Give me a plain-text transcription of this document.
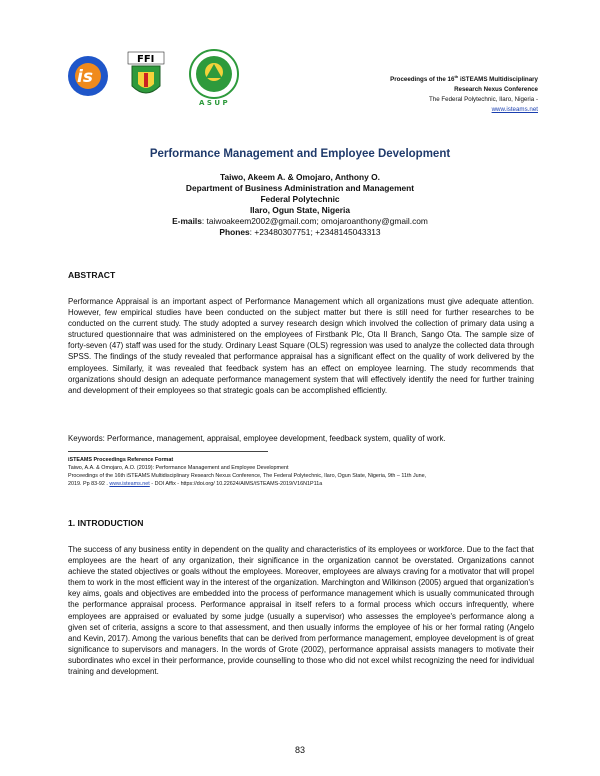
is
FFI
A S U P
Proceedings of the 16th iSTEAMS Multidisciplinary
Research Nexus Conference
The Federal Polytechnic, Ilaro, Nigeria -
www.isteams.net
Performance Management and Employee Development
Taiwo, Akeem A. & Omojaro, Anthony O.
Department of Business Administration and Management
Federal Polytechnic
Ilaro, Ogun State, Nigeria
E-mails: taiwoakeem2002@gmail.com; omojaroanthony@gmail.com
Phones: +23480307751; +2348145043313
ABSTRACT
Performance Appraisal is an important aspect of Performance Management which all organizations must give adequate attention. However, few empirical studies have been conducted on the subject matter but there is still need for further researches to be conducted on the current study. The study adopted a survey research design which involved the collection of primary data using a structured questionnaire that was administered on the employees of Firstbank Plc, Ota II Branch, Sango Ota. The sample size of forty-seven (47) staff was used for the study. Ordinary Least Square (OLS) regression was used to analyze the collected data through SPSS. The findings of the study revealed that performance appraisal has a significant effect on the quality of work delivered by the employees. Similarly, it was revealed that feedback system has an effect on employee learning. The study recommends that organizations should design an adequate performance management system that will effectively identify the need for further training and development of their employees so that strategic goals can be accomplished efficiently.
Keywords: Performance, management, appraisal, employee development, feedback system, quality of work.
iSTEAMS Proceedings Reference Format
Taiwo, A.A. & Omojaro, A.O. (2019): Performance Management and Employee Development
Proceedings of the 16th iSTEAMS Multidisciplinary Research Nexus Conference, The Federal Polytechnic, Ilaro, Ogun State, Nigeria, 9th – 11th June,
2019. Pp 83-92 . www.isteams.net - DOI Affix - https://doi.org/ 10.22624/AIMS/iSTEAMS-2019/V16N1P11a
1. INTRODUCTION
The success of any business entity in dependent on the quality and characteristics of its employees or workforce. Due to the fact that employees are the heart of any organization, their significance in the organization cannot be overstated. Organizations cannot achieve the stated objectives or goals without the employees. Moreover, employees are always craving for a motivator that will propel them to work in the most efficient way in the interest of the organization. Marchington and Wilkinson (2005) argued that organization's key aims, goals and objectives are embedded into the process of performance management which is usually communicated through the performance appraisal process. Performance appraisal in itself refers to a formal process which occurs infrequently, where employees are appraised or evaluated by some judge (usually a supervisor) who assesses the employee's performance along a given set of criteria, assigns a score to that assessment, and then usually informs the employee of his or her formal rating (Angelo and Kevin, 2017). Among the various benefits that can be derived from performance management, employee development is of great significance to supervisors and managers. In the words of Grote (2002), performance appraisal assists managers to motivate their subordinates who excel in their performance, provide counselling to those who did not excel whilst recognizing the need for individual training and development.
83
